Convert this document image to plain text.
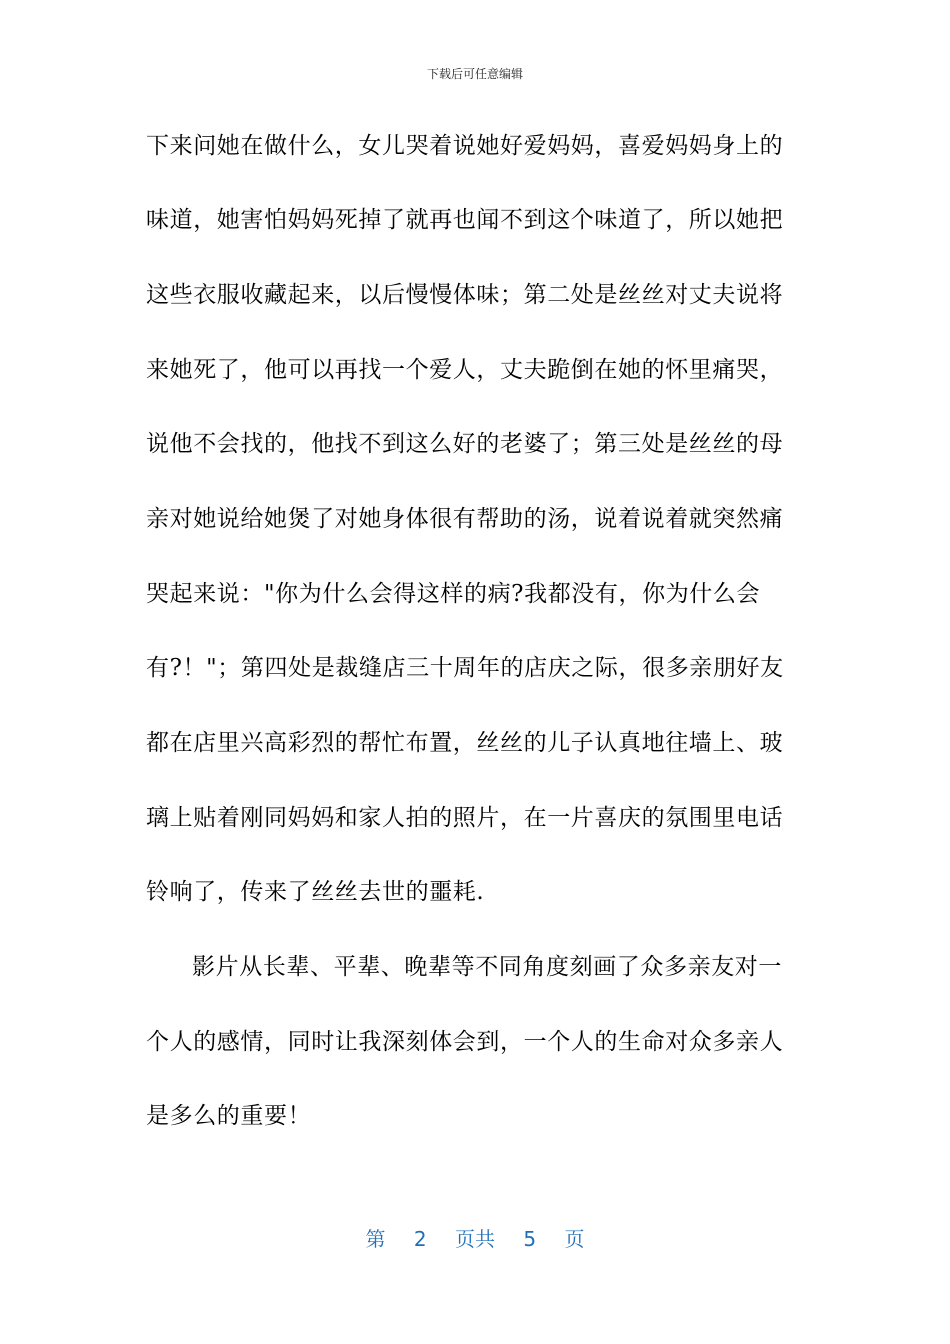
下载后可任意编辑
下来问她在做什么，女儿哭着说她好爱妈妈，喜爱妈妈身上的
味道，她害怕妈妈死掉了就再也闻不到这个味道了，所以她把
这些衣服收藏起来，以后慢慢体味；第二处是丝丝对丈夫说将
来她死了，他可以再找一个爱人，丈夫跪倒在她的怀里痛哭，
说他不会找的，他找不到这么好的老婆了；第三处是丝丝的母
亲对她说给她煲了对她身体很有帮助的汤，说着说着就突然痛
哭起来说："你为什么会得这样的病?我都没有，你为什么会
有?！"；第四处是裁缝店三十周年的店庆之际，很多亲朋好友
都在店里兴高彩烈的帮忙布置，丝丝的儿子认真地往墙上、玻
璃上贴着刚同妈妈和家人拍的照片，在一片喜庆的氛围里电话
铃响了，传来了丝丝去世的噩耗.
影片从长辈、平辈、晚辈等不同角度刻画了众多亲友对一
个人的感情，同时让我深刻体会到，一个人的生命对众多亲人
是多么的重要！
第 2 页共 5 页
